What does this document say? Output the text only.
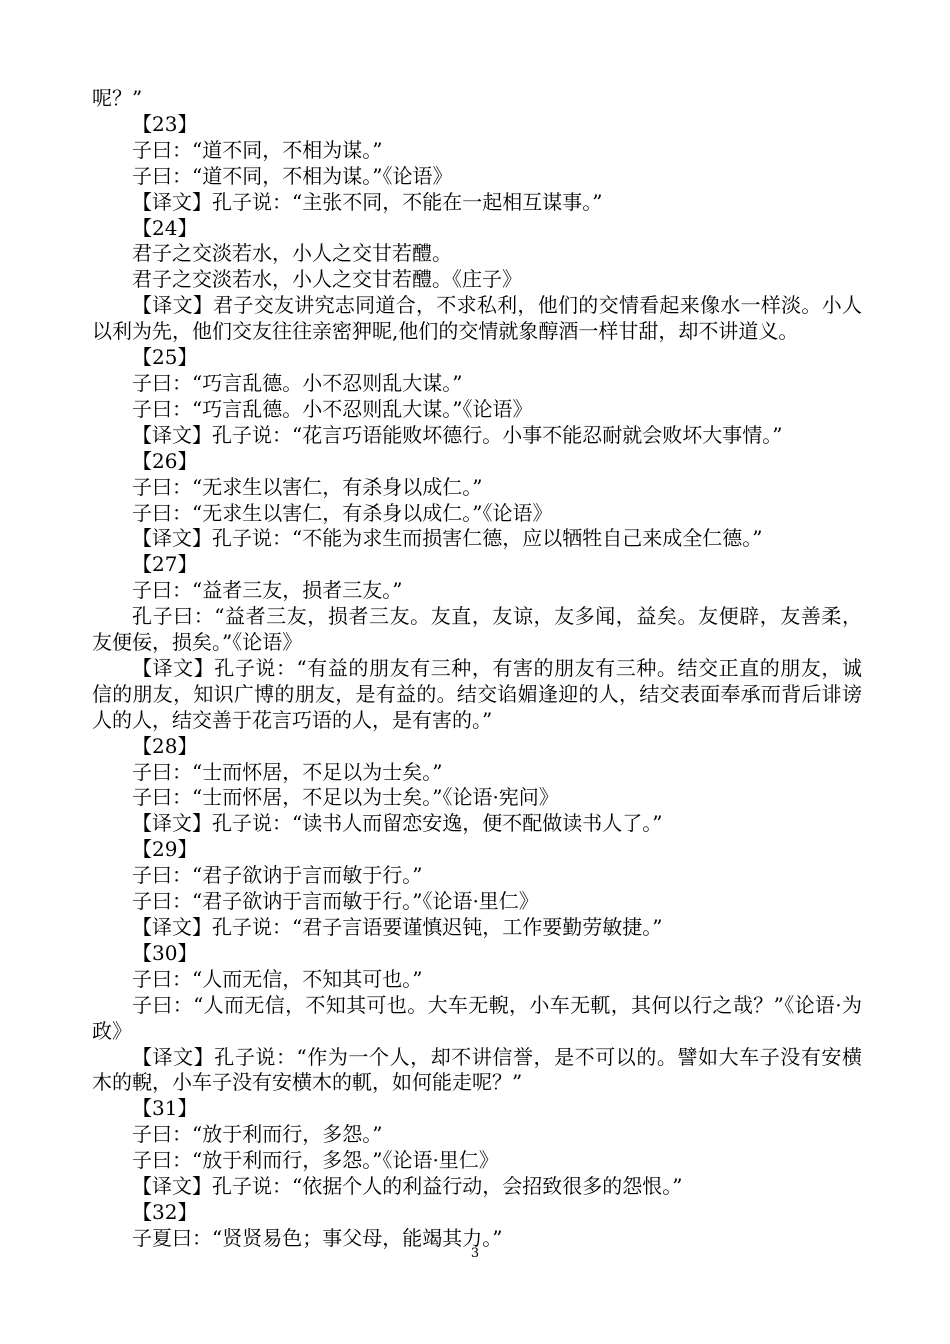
呢？”

【23】

子曰：“道不同，不相为谋。”

子曰：“道不同，不相为谋。”《论语》

【译文】孔子说：“主张不同，不能在一起相互谋事。”

【24】

君子之交淡若水，小人之交甘若醴。

君子之交淡若水，小人之交甘若醴。《庄子》

【译文】君子交友讲究志同道合，不求私利，他们的交情看起来像水一样淡。小人以利为先，他们交友往往亲密狎昵,他们的交情就象醇酒一样甘甜，却不讲道义。

【25】

子曰：“巧言乱德。小不忍则乱大谋。”

子曰：“巧言乱德。小不忍则乱大谋。”《论语》

【译文】孔子说：“花言巧语能败坏德行。小事不能忍耐就会败坏大事情。”

【26】

子曰：“无求生以害仁，有杀身以成仁。”

子曰：“无求生以害仁，有杀身以成仁。”《论语》

【译文】孔子说：“不能为求生而损害仁德，应以牺牲自己来成全仁德。”

【27】

子曰：“益者三友，损者三友。”

孔子曰：“益者三友，损者三友。友直，友谅，友多闻，益矣。友便辟，友善柔，友便佞，损矣。”《论语》

【译文】孔子说：“有益的朋友有三种，有害的朋友有三种。结交正直的朋友，诚信的朋友，知识广博的朋友，是有益的。结交谄媚逢迎的人，结交表面奉承而背后诽谤人的人，结交善于花言巧语的人，是有害的。”

【28】

子曰：“士而怀居，不足以为士矣。”

子曰：“士而怀居，不足以为士矣。”《论语·宪问》

【译文】孔子说：“读书人而留恋安逸，便不配做读书人了。”

【29】

子曰：“君子欲讷于言而敏于行。”

子曰：“君子欲讷于言而敏于行。”《论语·里仁》

【译文】孔子说：“君子言语要谨慎迟钝，工作要勤劳敏捷。”

【30】

子曰：“人而无信，不知其可也。”

子曰：“人而无信，不知其可也。大车无輗，小车无軏，其何以行之哉？”《论语·为政》

【译文】孔子说：“作为一个人，却不讲信誉，是不可以的。譬如大车子没有安横木的輗，小车子没有安横木的軏，如何能走呢？”

【31】

子曰：“放于利而行，多怨。”

子曰：“放于利而行，多怨。”《论语·里仁》

【译文】孔子说：“依据个人的利益行动，会招致很多的怨恨。”

【32】

子夏曰：“贤贤易色；事父母，能竭其力。”

3
